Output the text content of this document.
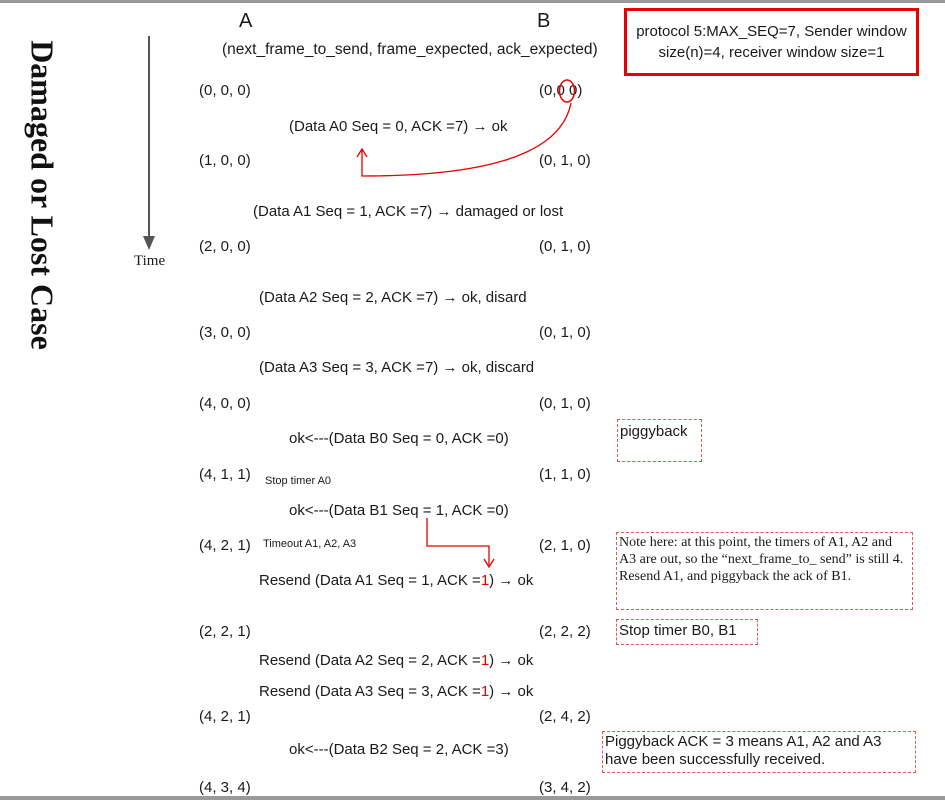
Damaged or Lost Case	Time
A	B
(next_frame_to_send, frame_expected, ack_expected)
protocol 5:MAX_SEQ=7, Sender window size(n)=4, receiver window size=1
(0, 0, 0)
(1, 0, 0)
(2, 0, 0)
(3, 0, 0)
(4, 0, 0)
(4, 1, 1)
(4, 2, 1)
(2, 2, 1)
(4, 2, 1)
(4, 3, 4)
(0,0 0)
(0, 1, 0)
(0, 1, 0)
(0, 1, 0)
(0, 1, 0)
(1, 1, 0)
(2, 1, 0)
(2, 2, 2)
(2, 4, 2)
(3, 4, 2)
(Data A0 Seq = 0, ACK =7) → ok
(Data A1 Seq = 1, ACK =7) → damaged or lost
(Data A2 Seq = 2, ACK =7) → ok, disard
(Data A3 Seq = 3, ACK =7) → ok, discard
ok<---(Data B0 Seq = 0, ACK =0)
ok<---(Data B1 Seq = 1, ACK =0)
Resend (Data A1 Seq = 1, ACK =1) → ok
Resend (Data A2 Seq = 2, ACK =1) → ok
Resend (Data A3 Seq = 3, ACK =1) → ok
ok<---(Data B2 Seq = 2, ACK =3)
Stop timer A0
Timeout A1, A2, A3
piggyback
Note here: at this point, the timers of A1, A2 and A3 are out, so the “next_frame_to_ send” is still 4.
Resend A1, and piggyback the ack of B1.
Stop timer B0, B1
Piggyback ACK = 3 means A1, A2 and A3 have been successfully received.
